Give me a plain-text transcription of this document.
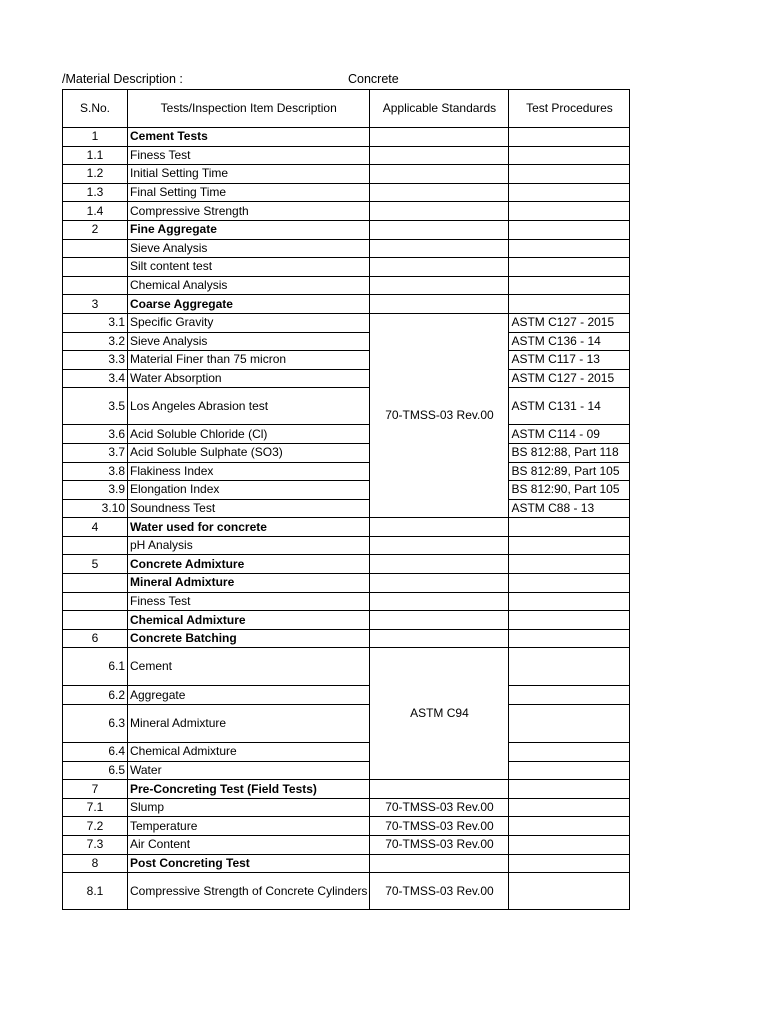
/Material Description :	Concrete
S.No.	Tests/Inspection Item Description	Applicable Standards	Test Procedures
1	Cement Tests		
1.1	Finess Test		
1.2	Initial Setting Time		
1.3	Final Setting Time		
1.4	Compressive Strength		
2	Fine Aggregate		
	Sieve Analysis		
	Silt content test		
	Chemical Analysis		
3	Coarse Aggregate		
3.1	Specific Gravity	70-TMSS-03 Rev.00	ASTM C127 - 2015
3.2	Sieve Analysis		ASTM C136 - 14
3.3	Material Finer than 75 micron		ASTM C117 - 13
3.4	Water Absorption		ASTM C127 - 2015
3.5	Los Angeles Abrasion test		ASTM C131 - 14
3.6	Acid Soluble Chloride (Cl)		ASTM C114 - 09
3.7	Acid Soluble Sulphate (SO3)		BS 812:88, Part 118
3.8	Flakiness Index		BS 812:89, Part 105
3.9	Elongation Index		BS 812:90, Part 105
3.10	Soundness Test		ASTM C88 - 13
4	Water used for concrete		
	pH Analysis		
5	Concrete Admixture		
	Mineral Admixture		
	Finess Test		
	Chemical Admixture		
6	Concrete Batching		
6.1	Cement	ASTM C94	
6.2	Aggregate		
6.3	Mineral Admixture		
6.4	Chemical Admixture		
6.5	Water		
7	Pre-Concreting Test (Field Tests)		
7.1	Slump	70-TMSS-03 Rev.00	
7.2	Temperature	70-TMSS-03 Rev.00	
7.3	Air Content	70-TMSS-03 Rev.00	
8	Post Concreting Test		
8.1	Compressive Strength of Concrete Cylinders	70-TMSS-03 Rev.00	
